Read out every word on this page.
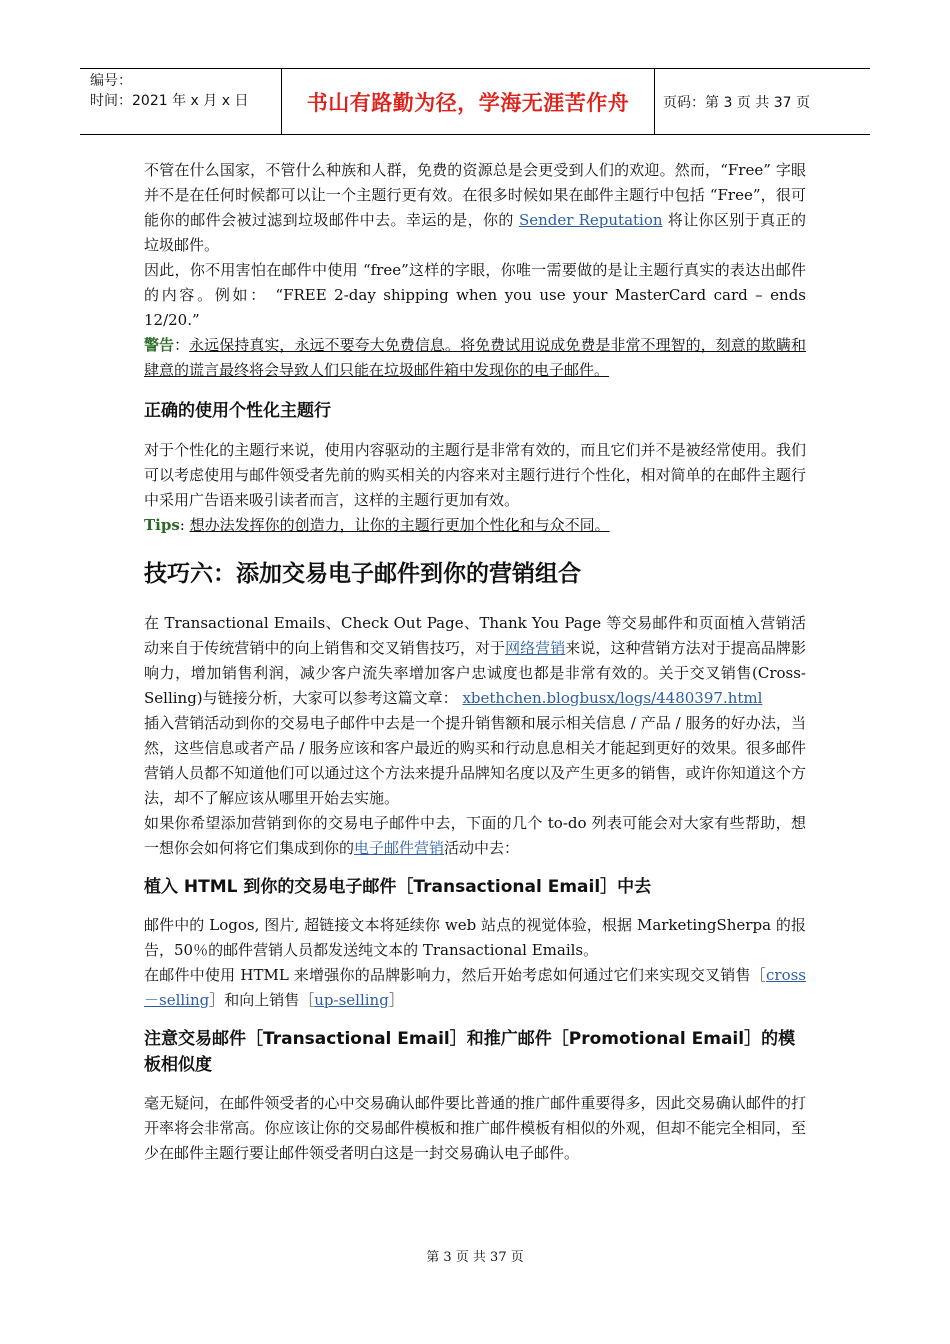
编号：
时间：2021 年 x 月 x 日	书山有路勤为径，学海无涯苦作舟	页码：第 3 页 共 37 页

不管在什么国家，不管什么种族和人群，免费的资源总是会更受到人们的欢迎。然而，“Free” 字眼并不是在任何时候都可以让一个主题行更有效。在很多时候如果在邮件主题行中包括 “Free”，很可能你的邮件会被过滤到垃圾邮件中去。幸运的是，你的 Sender Reputation 将让你区别于真正的垃圾邮件。

因此，你不用害怕在邮件中使用 “free”这样的字眼，你唯一需要做的是让主题行真实的表达出邮件的内容。例如： “FREE 2-day shipping when you use your MasterCard card – ends 12/20.”

警告：永远保持真实，永远不要夸大免费信息。将免费试用说成免费是非常不理智的，刻意的欺瞒和肆意的谎言最终将会导致人们只能在垃圾邮件箱中发现你的电子邮件。

正确的使用个性化主题行

对于个性化的主题行来说，使用内容驱动的主题行是非常有效的，而且它们并不是被经常使用。我们可以考虑使用与邮件领受者先前的购买相关的内容来对主题行进行个性化，相对简单的在邮件主题行中采用广告语来吸引读者而言，这样的主题行更加有效。

Tips: 想办法发挥你的创造力，让你的主题行更加个性化和与众不同。

技巧六：添加交易电子邮件到你的营销组合

在 Transactional Emails、Check Out Page、Thank You Page 等交易邮件和页面植入营销活动来自于传统营销中的向上销售和交叉销售技巧，对于网络营销来说，这种营销方法对于提高品牌影响力，增加销售利润，减少客户流失率增加客户忠诚度也都是非常有效的。关于交叉销售(Cross-Selling)与链接分析，大家可以参考这篇文章： xbethchen.blogbusx/logs/4480397.html

插入营销活动到你的交易电子邮件中去是一个提升销售额和展示相关信息 / 产品 / 服务的好办法，当然，这些信息或者产品 / 服务应该和客户最近的购买和行动息息相关才能起到更好的效果。很多邮件营销人员都不知道他们可以通过这个方法来提升品牌知名度以及产生更多的销售，或许你知道这个方法，却不了解应该从哪里开始去实施。

如果你希望添加营销到你的交易电子邮件中去，下面的几个 to-do 列表可能会对大家有些帮助，想一想你会如何将它们集成到你的电子邮件营销活动中去：

植入 HTML 到你的交易电子邮件［Transactional Email］中去

邮件中的 Logos, 图片, 超链接文本将延续你 web 站点的视觉体验，根据 MarketingSherpa 的报告，50％的邮件营销人员都发送纯文本的 Transactional Emails。

在邮件中使用 HTML 来增强你的品牌影响力，然后开始考虑如何通过它们来实现交叉销售［cross－selling］和向上销售［up-selling］

注意交易邮件［Transactional Email］和推广邮件［Promotional Email］的模板相似度

毫无疑问，在邮件领受者的心中交易确认邮件要比普通的推广邮件重要得多，因此交易确认邮件的打开率将会非常高。你应该让你的交易邮件模板和推广邮件模板有相似的外观，但却不能完全相同，至少在邮件主题行要让邮件领受者明白这是一封交易确认电子邮件。

第 3 页 共 37 页
